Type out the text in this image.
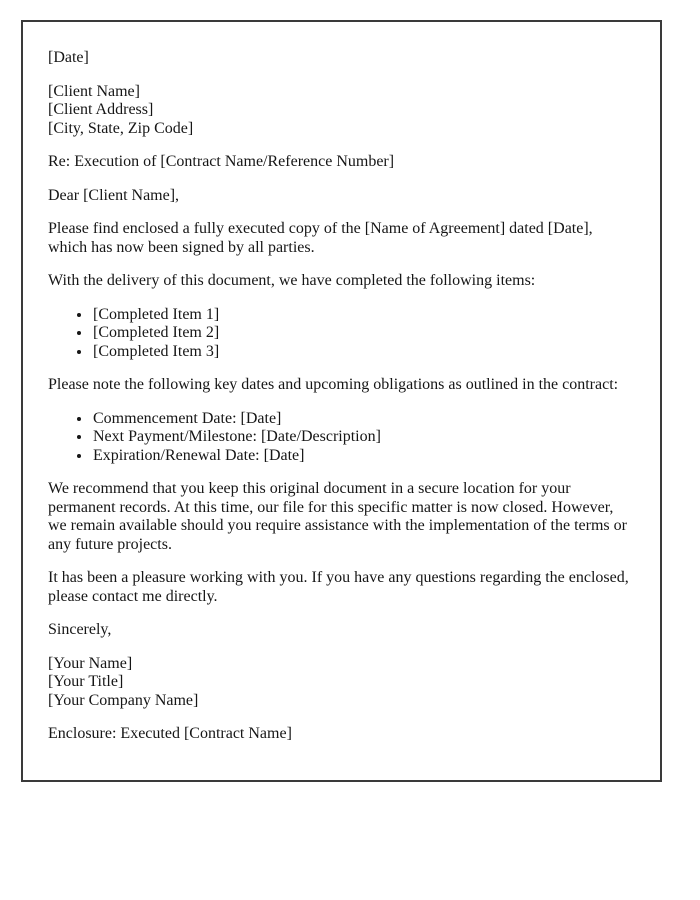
[Date]

[Client Name]
[Client Address]
[City, State, Zip Code]

Re: Execution of [Contract Name/Reference Number]

Dear [Client Name],

Please find enclosed a fully executed copy of the [Name of Agreement] dated [Date], which has now been signed by all parties.

With the delivery of this document, we have completed the following items:

• [Completed Item 1]
• [Completed Item 2]
• [Completed Item 3]

Please note the following key dates and upcoming obligations as outlined in the contract:

• Commencement Date: [Date]
• Next Payment/Milestone: [Date/Description]
• Expiration/Renewal Date: [Date]

We recommend that you keep this original document in a secure location for your permanent records. At this time, our file for this specific matter is now closed. However, we remain available should you require assistance with the implementation of the terms or any future projects.

It has been a pleasure working with you. If you have any questions regarding the enclosed, please contact me directly.

Sincerely,

[Your Name]
[Your Title]
[Your Company Name]

Enclosure: Executed [Contract Name]
